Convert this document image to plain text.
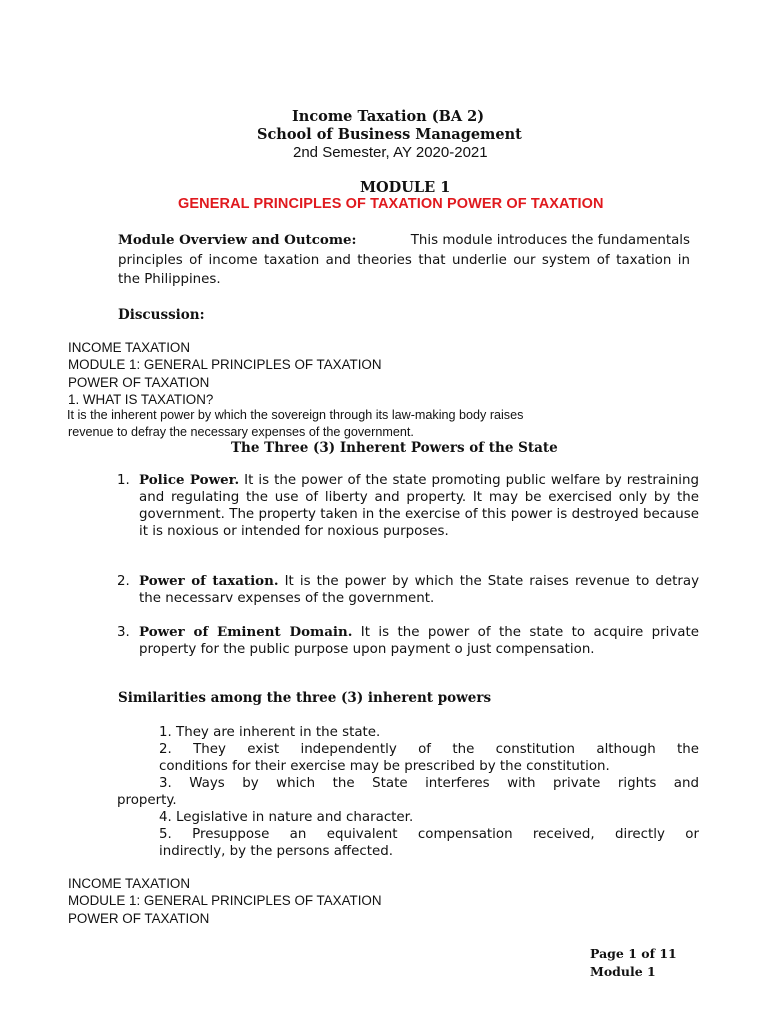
Income Taxation (BA 2)
School of Business Management
2nd Semester, AY 2020-2021
MODULE 1
GENERAL PRINCIPLES OF TAXATION POWER OF TAXATION
Module Overview and Outcome:	This module introduces the fundamentals
principles of income taxation and theories that underlie our system of taxation in the Philippines.
Discussion:
INCOME TAXATION
MODULE 1: GENERAL PRINCIPLES OF TAXATION
POWER OF TAXATION
1. WHAT IS TAXATION?
It is the inherent power by which the sovereign through its law-making body raises
revenue to defray the necessary expenses of the government.
The Three (3) Inherent Powers of the State
1. Police Power. It is the power of the state promoting public welfare by restraining and regulating the use of liberty and property. It may be exercised only by the government. The property taken in the exercise of this power is destroyed because it is noxious or intended for noxious purposes.
2. Power of taxation. It is the power by which the State raises revenue to detray the necessarv expenses of the government.
3. Power of Eminent Domain. It is the power of the state to acquire private property for the public purpose upon payment o just compensation.
Similarities among the three (3) inherent powers
1. They are inherent in the state.
2. They exist independently of the constitution although the
conditions for their exercise may be prescribed by the constitution.
3. Ways by which the State interferes with private rights and
property.
4. Legislative in nature and character.
5. Presuppose an equivalent compensation received, directly or
indirectly, by the persons affected.
INCOME TAXATION
MODULE 1: GENERAL PRINCIPLES OF TAXATION
POWER OF TAXATION
Page 1 of 11
Module 1
